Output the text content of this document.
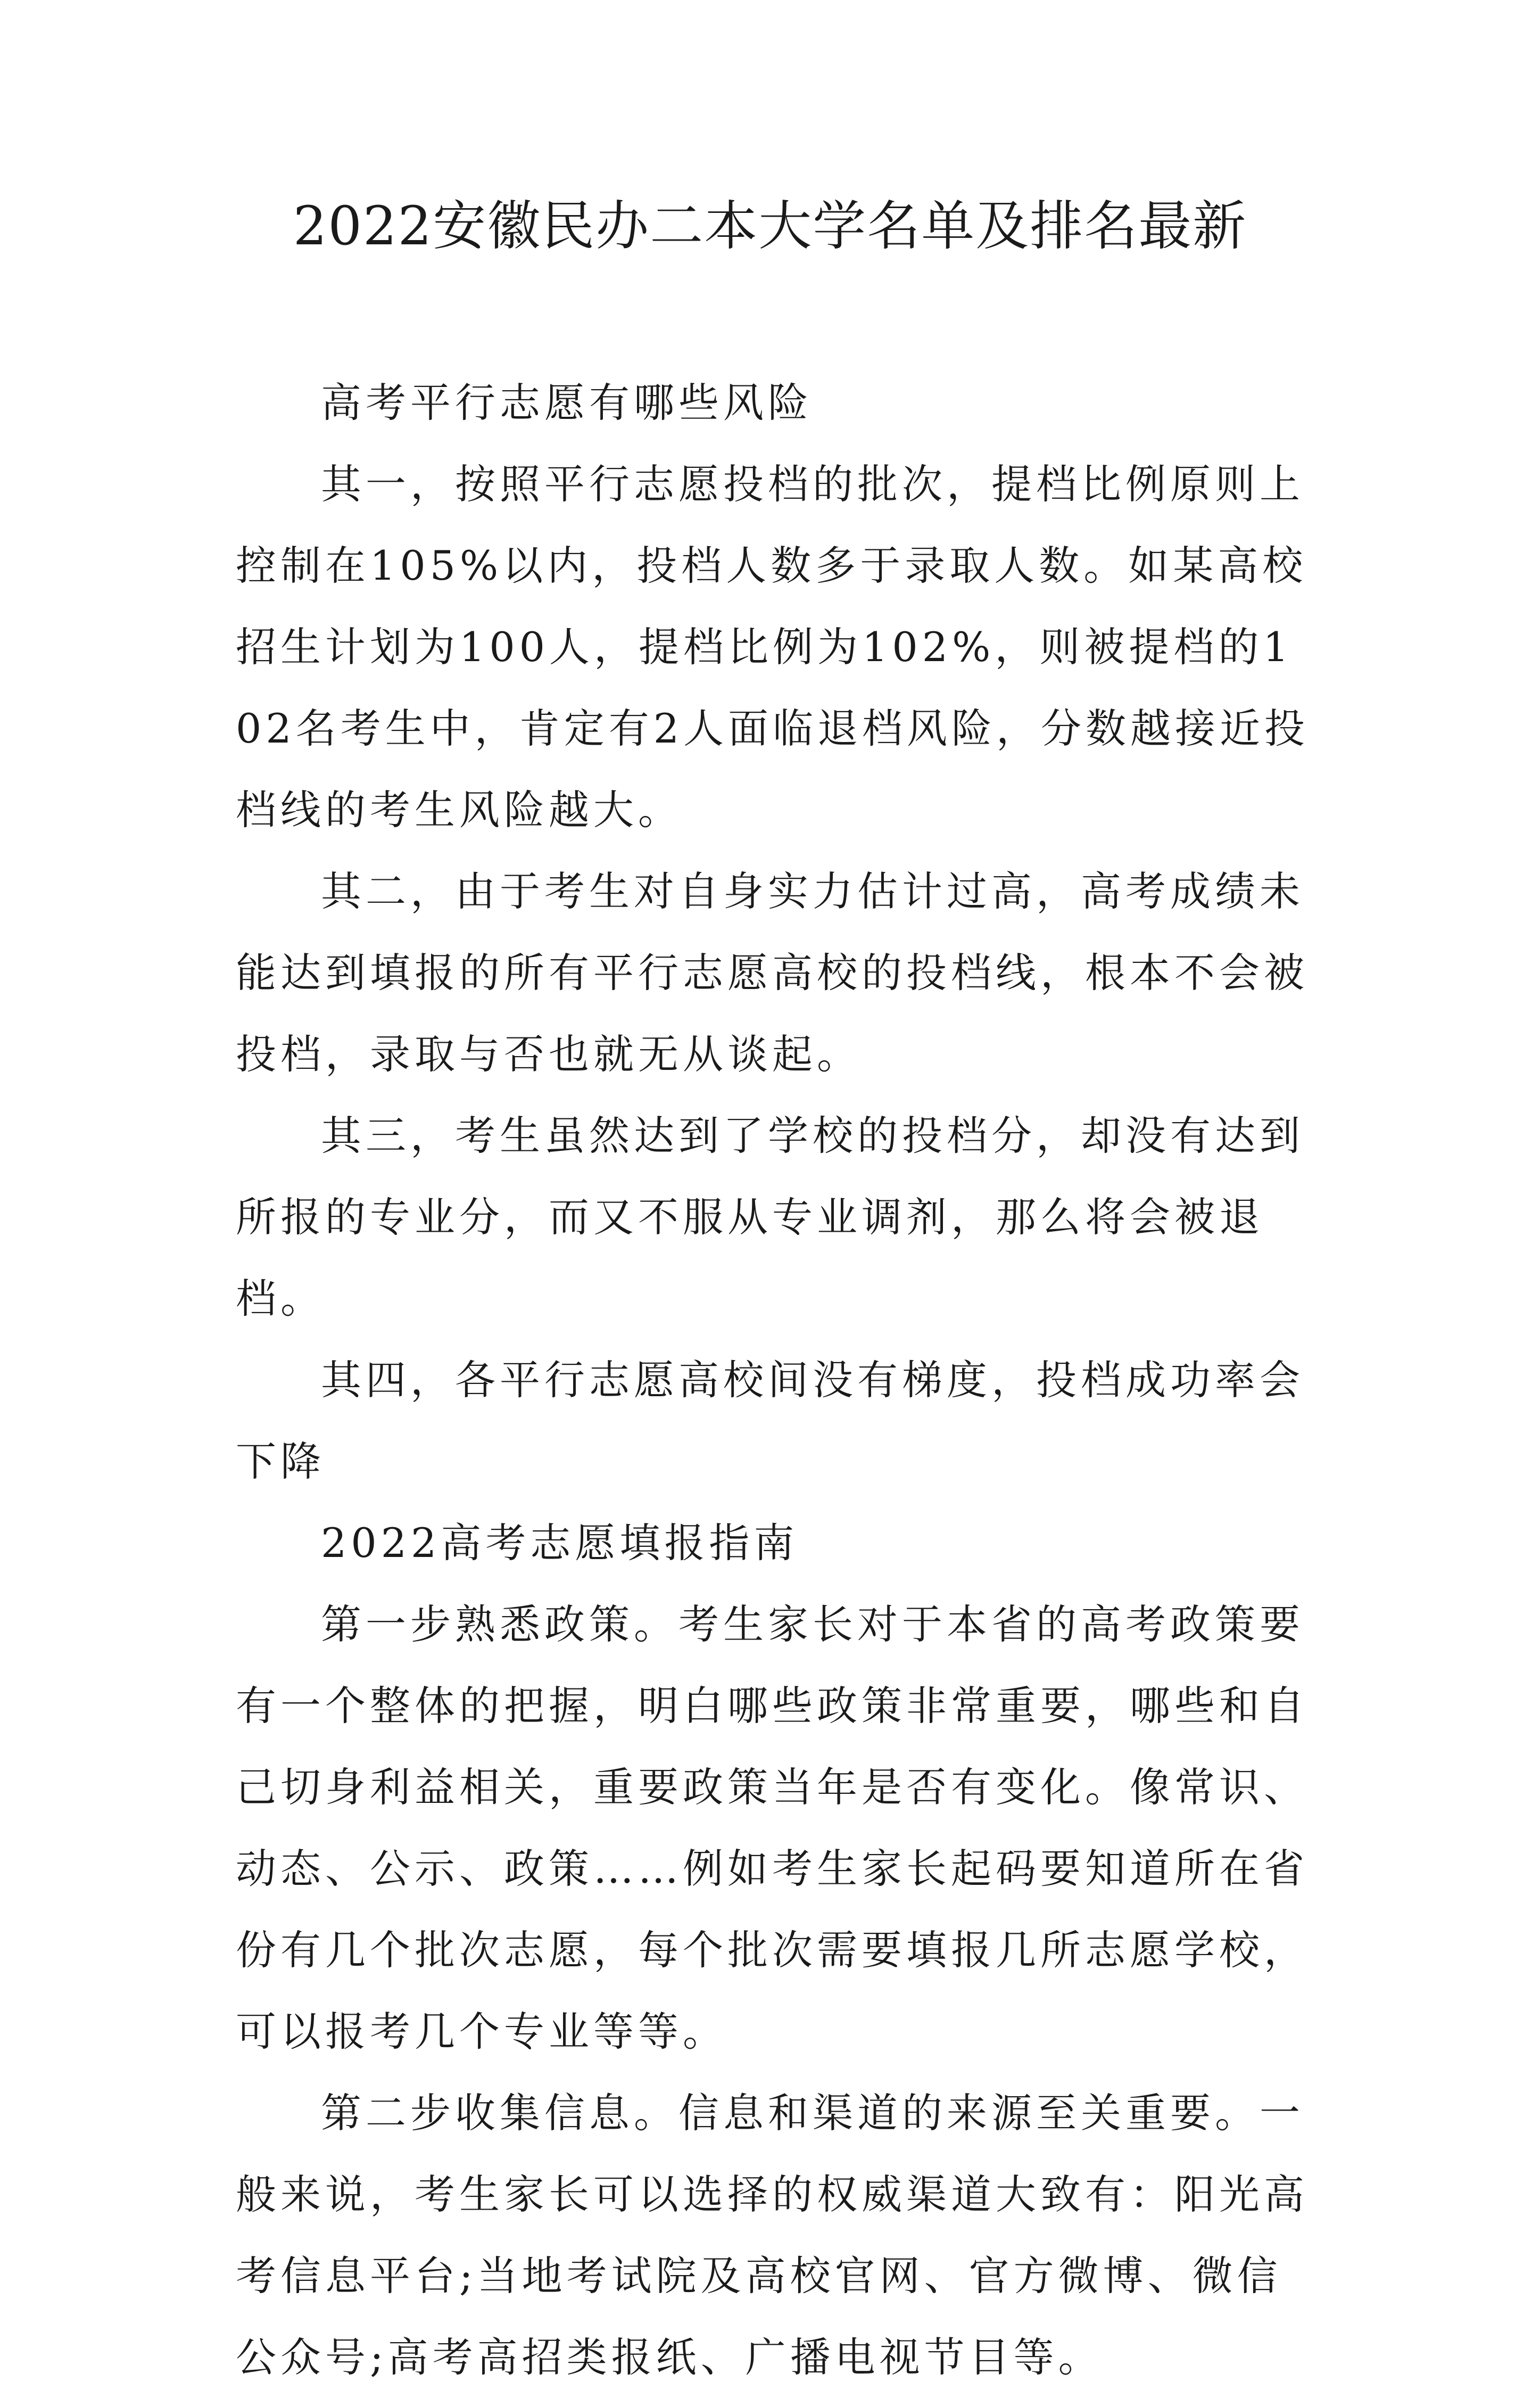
2022安徽民办二本大学名单及排名最新

高考平行志愿有哪些风险

其一，按照平行志愿投档的批次，提档比例原则上控制在105%以内，投档人数多于录取人数。如某高校招生计划为100人，提档比例为102%，则被提档的102名考生中，肯定有2人面临退档风险，分数越接近投档线的考生风险越大。

其二，由于考生对自身实力估计过高，高考成绩未能达到填报的所有平行志愿高校的投档线，根本不会被投档，录取与否也就无从谈起。

其三，考生虽然达到了学校的投档分，却没有达到所报的专业分，而又不服从专业调剂，那么将会被退档。

其四，各平行志愿高校间没有梯度，投档成功率会下降

2022高考志愿填报指南

第一步熟悉政策。考生家长对于本省的高考政策要有一个整体的把握，明白哪些政策非常重要，哪些和自己切身利益相关，重要政策当年是否有变化。像常识、动态、公示、政策……例如考生家长起码要知道所在省份有几个批次志愿，每个批次需要填报几所志愿学校，可以报考几个专业等等。

第二步收集信息。信息和渠道的来源至关重要。一般来说，考生家长可以选择的权威渠道大致有：阳光高考信息平台;当地考试院及高校官网、官方微博、微信公众号;高考高招类报纸、广播电视节目等。
